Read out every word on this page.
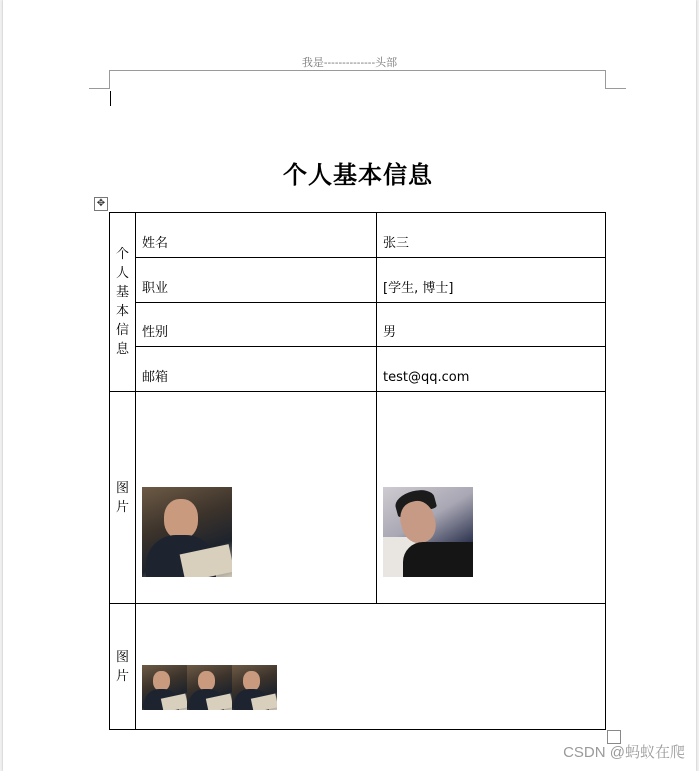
我是--------------头部
个人基本信息
✥
个人基本信息	姓名	张三
	职业	[学生, 博士]
	性别	男
	邮箱	test@qq.com

图片		

图片		

CSDN @蚂蚁在爬
